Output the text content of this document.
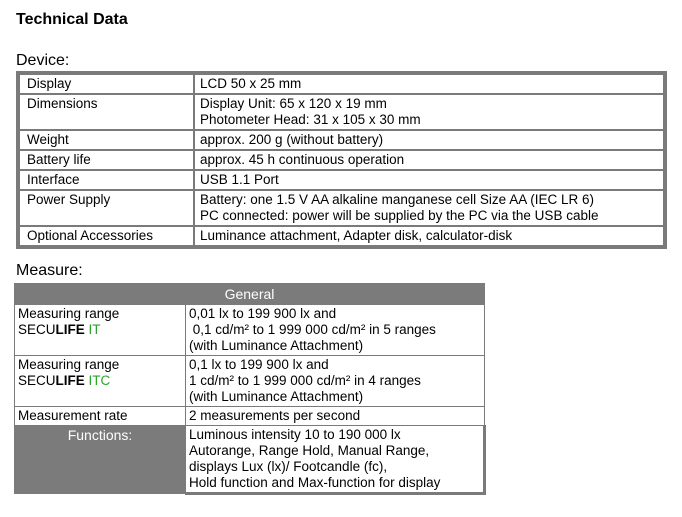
Technical Data
Device:
Display	LCD 50 x 25 mm

Dimensions	Display Unit: 65 x 120 x 19 mm
Photometer Head: 31 x 105 x 30 mm

Weight	approx. 200 g (without battery)

Battery life	approx. 45 h continuous operation

Interface	USB 1.1 Port

Power Supply	Battery: one 1.5 V AA alkaline manganese cell Size AA (IEC LR 6)
PC connected: power will be supplied by the PC via the USB cable

Optional Accessories	Luminance attachment, Adapter disk, calculator-disk
Measure:
General	

Measuring range
SECULIFE IT	0,01 lx to 199 900 lx and
0,1 cd/m² to 1 999 000 cd/m² in 5 ranges
(with Luminance Attachment)

Measuring range
SECULIFE ITC	0,1 lx to 199 900 lx and
1 cd/m² to 1 999 000 cd/m² in 4 ranges
(with Luminance Attachment)

Measurement rate	2 measurements per second
Functions:	Luminous intensity 10 to 190 000 lx
Autorange, Range Hold, Manual Range,
displays Lux (lx)/ Footcandle (fc),
Hold function and Max-function for display
